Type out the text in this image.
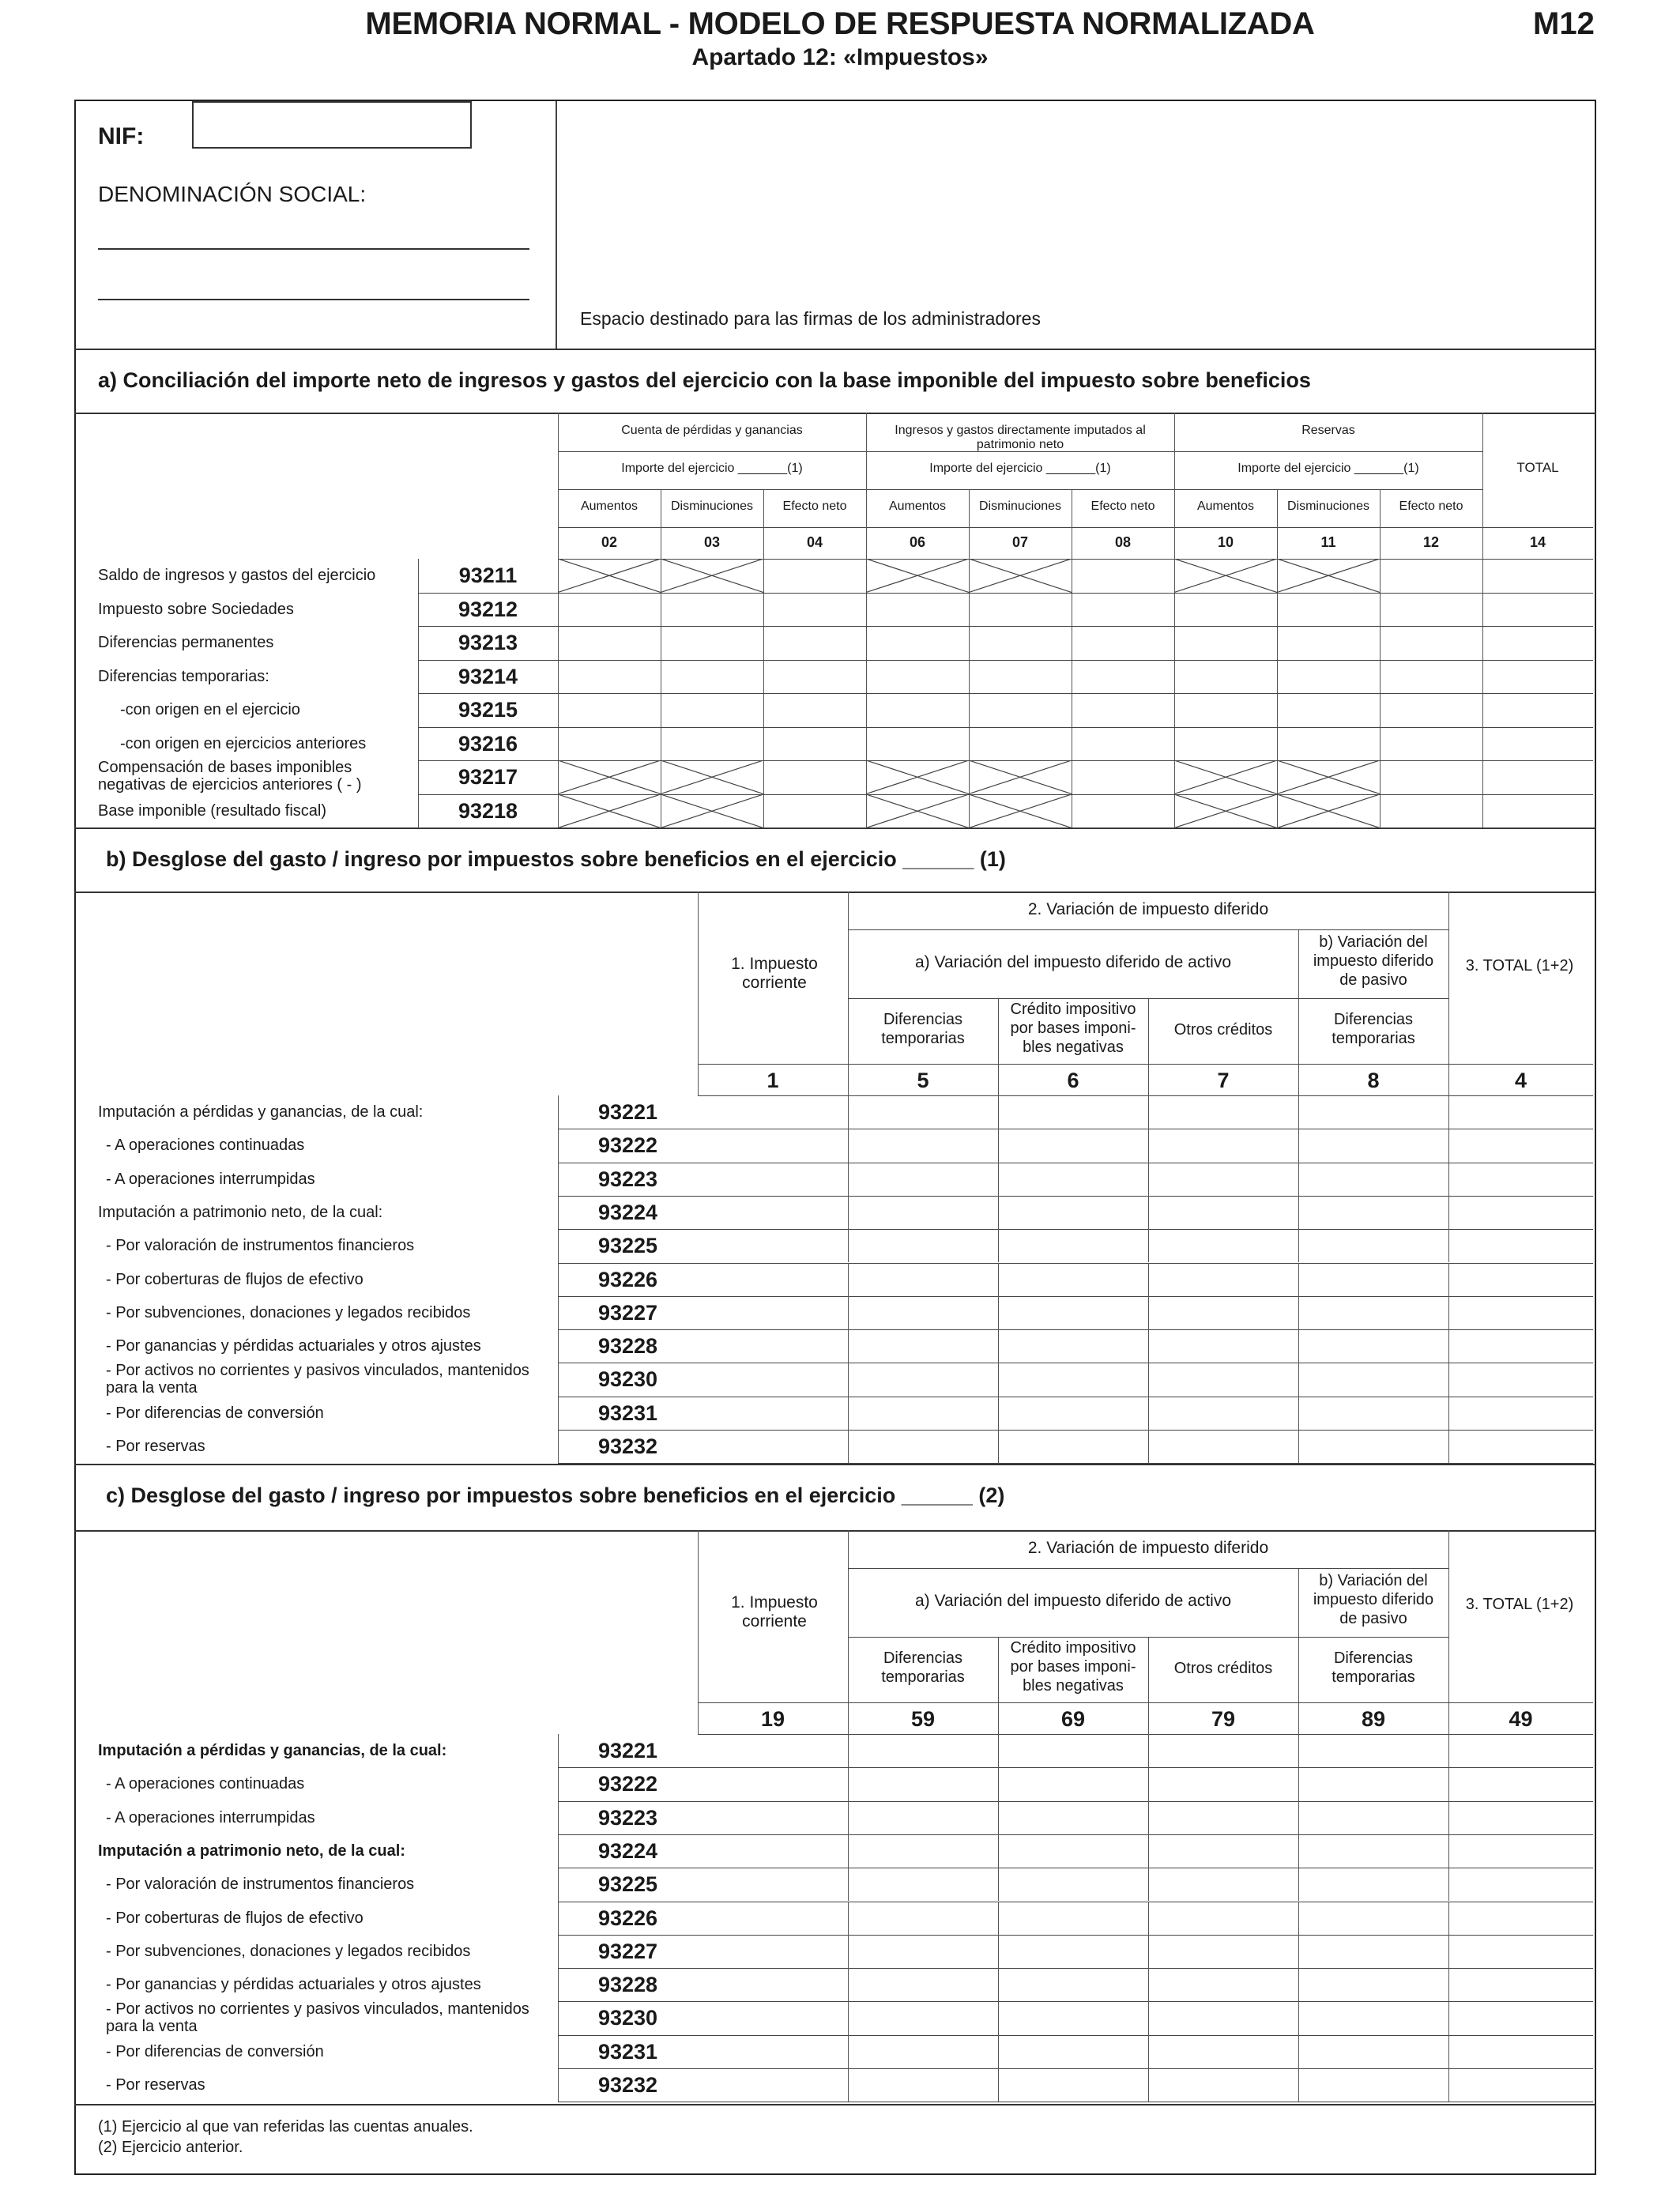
MEMORIA NORMAL - MODELO DE RESPUESTA NORMALIZADA
Apartado 12: «Impuestos»
M12
NIF:
DENOMINACIÓN SOCIAL:
Espacio destinado para las firmas de los administradores
a) Conciliación del importe neto de ingresos y gastos del ejercicio con la base imponible del impuesto sobre beneficios
b) Desglose del gasto / ingreso por impuestos sobre beneficios en el ejercicio ______ (1)
c) Desglose del gasto / ingreso por impuestos sobre beneficios en el ejercicio ______ (2)
(1) Ejercicio al que van referidas las cuentas anuales.
(2) Ejercicio anterior.
Cuenta de pérdidas y ganancias
Importe del ejercicio _______(1)
Aumentos	Disminuciones	Efecto neto
Ingresos y gastos directamente imputados al patrimonio neto
Importe del ejercicio _______(1)
Aumentos	Disminuciones	Efecto neto
Reservas
Importe del ejercicio _______(1)
Aumentos	Disminuciones	Efecto neto
TOTAL
02	03	04	06	07	08	10	11	12	14
Saldo de ingresos y gastos del ejercicio	93211
Impuesto sobre Sociedades	93212
Diferencias permanentes	93213
Diferencias temporarias:	93214
-con origen en el ejercicio	93215
-con origen en ejercicios anteriores	93216
Compensación de bases imponibles negativas de ejercicios anteriores ( - )	93217
Base imponible (resultado fiscal)	93218
1. Impuesto corriente
2. Variación de impuesto diferido
a) Variación del impuesto diferido de activo
b) Variación del impuesto diferido de pasivo
Diferencias temporarias
Crédito impositivo por bases imponi- bles negativas
Otros créditos
Diferencias temporarias
3. TOTAL (1+2)
1	5	6	7	8	4
Imputación a pérdidas y ganancias, de la cual:	93221
- A operaciones continuadas	93222
- A operaciones interrumpidas	93223
Imputación a patrimonio neto, de la cual:	93224
- Por valoración de instrumentos financieros	93225
- Por coberturas de flujos de efectivo	93226
- Por subvenciones, donaciones y legados recibidos	93227
- Por ganancias y pérdidas actuariales y otros ajustes	93228
- Por activos no corrientes y pasivos vinculados, mantenidos para la venta	93230
- Por diferencias de conversión	93231
- Por reservas	93232
1. Impuesto corriente
2. Variación de impuesto diferido
a) Variación del impuesto diferido de activo
b) Variación del impuesto diferido de pasivo
Diferencias temporarias
Crédito impositivo por bases imponi- bles negativas
Otros créditos
Diferencias temporarias
3. TOTAL (1+2)
19	59	69	79	89	49
Imputación a pérdidas y ganancias, de la cual:	93221
- A operaciones continuadas	93222
- A operaciones interrumpidas	93223
Imputación a patrimonio neto, de la cual:	93224
- Por valoración de instrumentos financieros	93225
- Por coberturas de flujos de efectivo	93226
- Por subvenciones, donaciones y legados recibidos	93227
- Por ganancias y pérdidas actuariales y otros ajustes	93228
- Por activos no corrientes y pasivos vinculados, mantenidos para la venta	93230
- Por diferencias de conversión	93231
- Por reservas	93232
